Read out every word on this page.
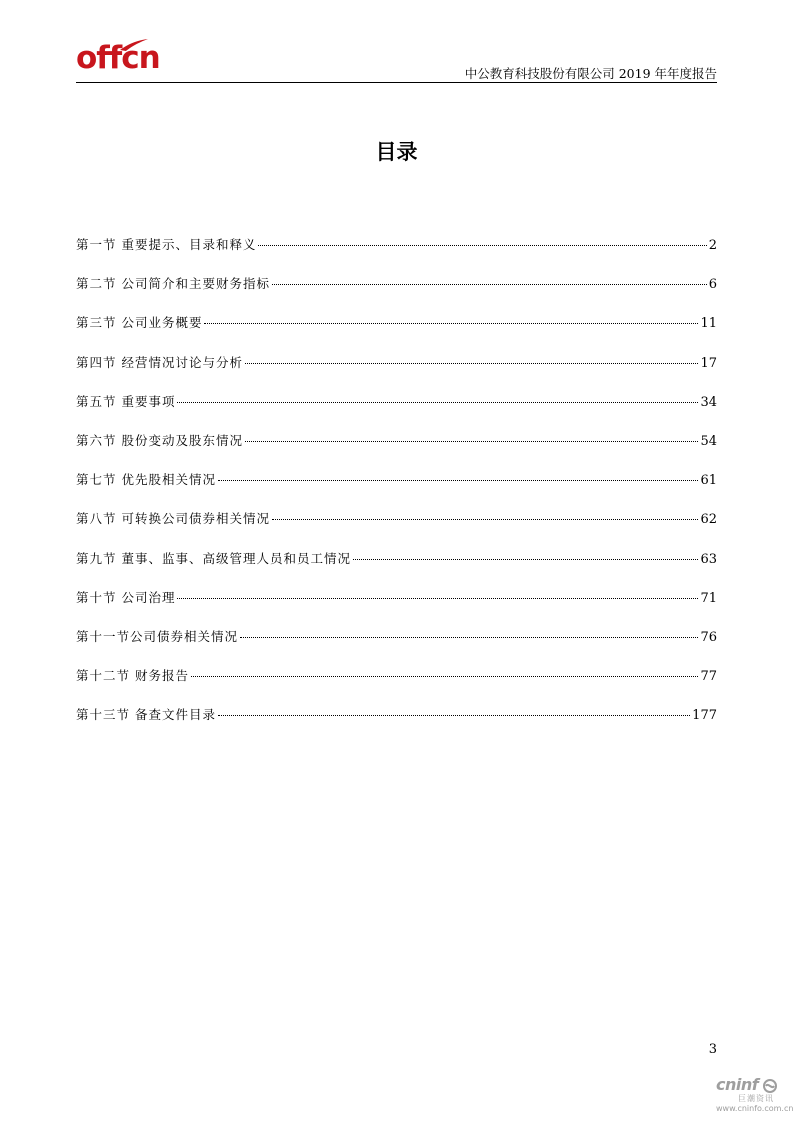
offcn	中公教育科技股份有限公司 2019 年年度报告
目录
第一节 重要提示、目录和释义	2
第二节 公司简介和主要财务指标	6
第三节 公司业务概要	11
第四节 经营情况讨论与分析	17
第五节 重要事项	34
第六节 股份变动及股东情况	54
第七节 优先股相关情况	61
第八节 可转换公司债券相关情况	62
第九节 董事、监事、高级管理人员和员工情况	63
第十节 公司治理	71
第十一节公司债券相关情况	76
第十二节 财务报告	77
第十三节 备查文件目录	177
3
cninf
巨潮资讯
www.cninfo.com.cn
